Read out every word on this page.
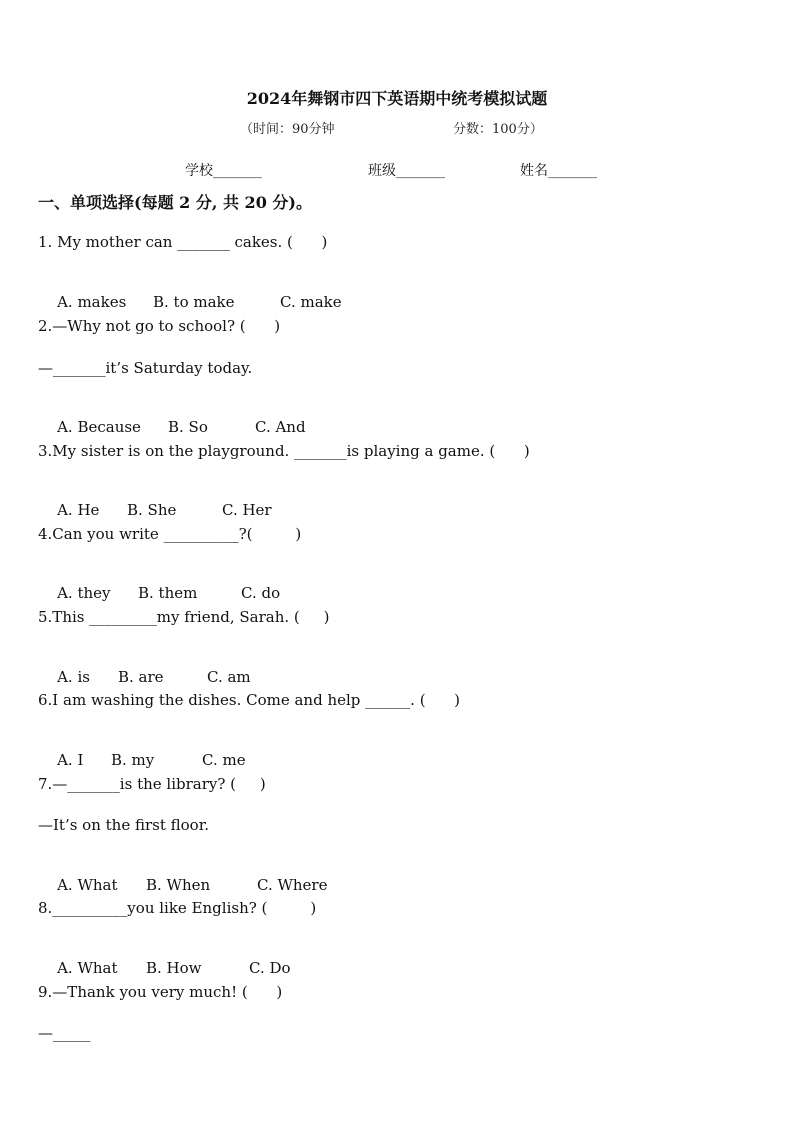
2024年舞钢市四下英语期中统考模拟试题
（时间：90分钟	分数：100分）
学校_______	班级_______	姓名_______
一、单项选择(每题 2 分, 共 20 分)。
1. My mother can _______ cakes. (      )

A. makes B. to make	C. make

2.—Why not go to school? (      )
—_______it’s Saturday today.

A. Because B. So	C. And

3.My sister is on the playground. _______is playing a game. (      )

A. He B. She	C. Her

4.Can you write __________?(         )

A. they B. them	C. do

5.This _________my friend, Sarah. (     )

A. is B. are	C. am

6.I am washing the dishes. Come and help ______. (      )

A. I B. my	C. me

7.—_______is the library? (     )
—It’s on the first floor.

A. What B. When	C. Where

8.__________you like English? (         )

A. What B. How	C. Do

9.—Thank you very much! (      )
—_____
